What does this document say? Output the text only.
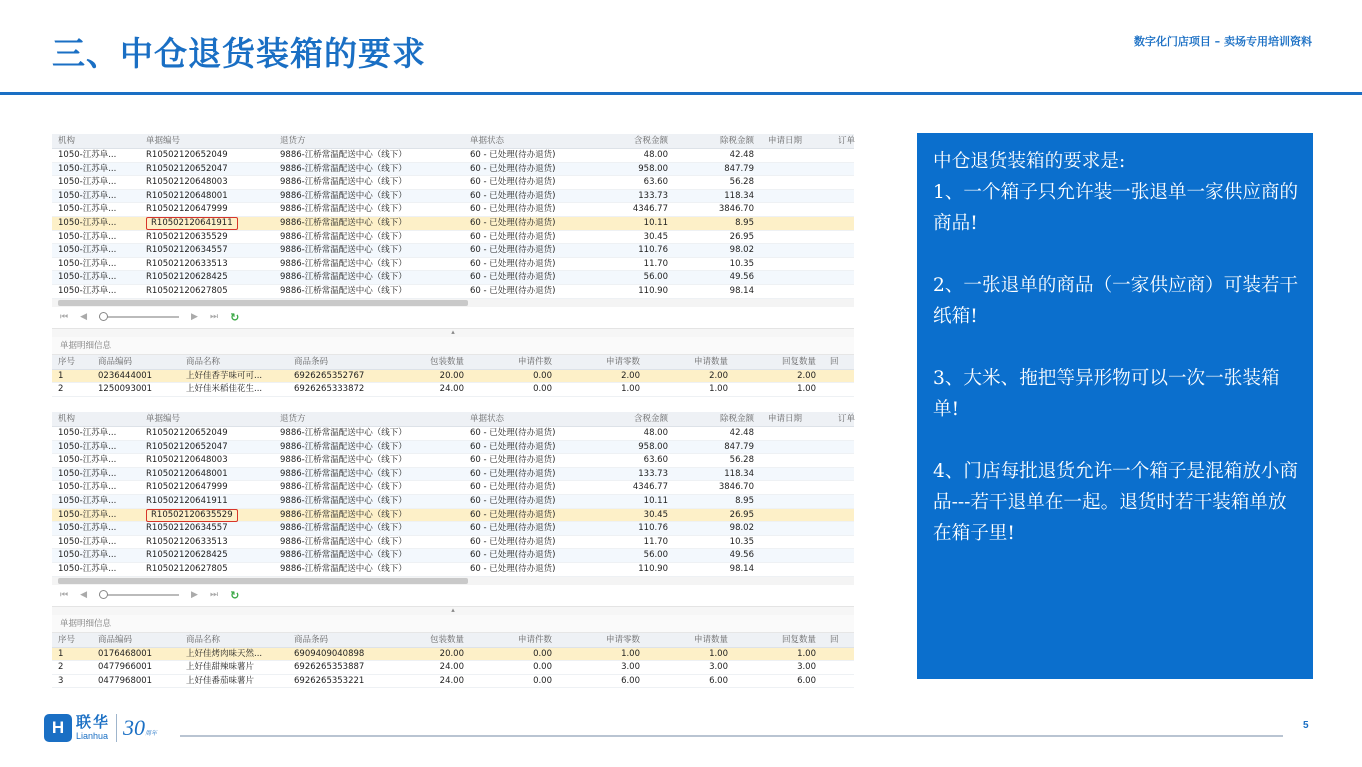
三、中仓退货装箱的要求	数字化门店项目 – 卖场专用培训资料
机构	单据编号	退货方	单据状态	含税金额	除税金额	申请日期	订单
1050-江苏阜...	R10502120652049	9886-江桥常温配送中心（线下）	60 - 已处理(待办退货)	48.00	42.48
1050-江苏阜...	R10502120652047	9886-江桥常温配送中心（线下）	60 - 已处理(待办退货)	958.00	847.79
1050-江苏阜...	R10502120648003	9886-江桥常温配送中心（线下）	60 - 已处理(待办退货)	63.60	56.28
1050-江苏阜...	R10502120648001	9886-江桥常温配送中心（线下）	60 - 已处理(待办退货)	133.73	118.34
1050-江苏阜...	R10502120647999	9886-江桥常温配送中心（线下）	60 - 已处理(待办退货)	4346.77	3846.70
1050-江苏阜...	R10502120641911	9886-江桥常温配送中心（线下）	60 - 已处理(待办退货)	10.11	8.95
1050-江苏阜...	R10502120635529	9886-江桥常温配送中心（线下）	60 - 已处理(待办退货)	30.45	26.95
1050-江苏阜...	R10502120634557	9886-江桥常温配送中心（线下）	60 - 已处理(待办退货)	110.76	98.02
1050-江苏阜...	R10502120633513	9886-江桥常温配送中心（线下）	60 - 已处理(待办退货)	11.70	10.35
1050-江苏阜...	R10502120628425	9886-江桥常温配送中心（线下）	60 - 已处理(待办退货)	56.00	49.56
1050-江苏阜...	R10502120627805	9886-江桥常温配送中心（线下）	60 - 已处理(待办退货)	110.90	98.14
⏮ ◀	▶ ⏭ ↻
▴
单据明细信息
序号	商品编码	商品名称	商品条码	包装数量	申请件数	申请零数	申请数量	回复数量	回
1	0236444001	上好佳香芋味可可...	6926265352767	20.00	0.00	2.00	2.00	2.00
2	1250093001	上好佳米稻佳花生...	6926265333872	24.00	0.00	1.00	1.00	1.00
机构	单据编号	退货方	单据状态	含税金额	除税金额	申请日期	订单
1050-江苏阜...	R10502120652049	9886-江桥常温配送中心（线下）	60 - 已处理(待办退货)	48.00	42.48
1050-江苏阜...	R10502120652047	9886-江桥常温配送中心（线下）	60 - 已处理(待办退货)	958.00	847.79
1050-江苏阜...	R10502120648003	9886-江桥常温配送中心（线下）	60 - 已处理(待办退货)	63.60	56.28
1050-江苏阜...	R10502120648001	9886-江桥常温配送中心（线下）	60 - 已处理(待办退货)	133.73	118.34
1050-江苏阜...	R10502120647999	9886-江桥常温配送中心（线下）	60 - 已处理(待办退货)	4346.77	3846.70
1050-江苏阜...	R10502120641911	9886-江桥常温配送中心（线下）	60 - 已处理(待办退货)	10.11	8.95
1050-江苏阜...	R10502120635529	9886-江桥常温配送中心（线下）	60 - 已处理(待办退货)	30.45	26.95
1050-江苏阜...	R10502120634557	9886-江桥常温配送中心（线下）	60 - 已处理(待办退货)	110.76	98.02
1050-江苏阜...	R10502120633513	9886-江桥常温配送中心（线下）	60 - 已处理(待办退货)	11.70	10.35
1050-江苏阜...	R10502120628425	9886-江桥常温配送中心（线下）	60 - 已处理(待办退货)	56.00	49.56
1050-江苏阜...	R10502120627805	9886-江桥常温配送中心（线下）	60 - 已处理(待办退货)	110.90	98.14
⏮ ◀	▶ ⏭ ↻
▴
单据明细信息
序号	商品编码	商品名称	商品条码	包装数量	申请件数	申请零数	申请数量	回复数量	回
1	0176468001	上好佳烤肉味天然...	6909409040898	20.00	0.00	1.00	1.00	1.00
2	0477966001	上好佳甜辣味薯片	6926265353887	24.00	0.00	3.00	3.00	3.00
3	0477968001	上好佳番茄味薯片	6926265353221	24.00	0.00	6.00	6.00	6.00

中仓退货装箱的要求是:

1、一个箱子只允许装一张退单一家供应商的商品!

2、一张退单的商品（一家供应商）可装若干纸箱!

3、大米、拖把等异形物可以一次一张装箱单!

4、门店每批退货允许一个箱子是混箱放小商品---若干退单在一起。退货时若干装箱单放在箱子里!

H 联华
Lianhua 30周年
5
